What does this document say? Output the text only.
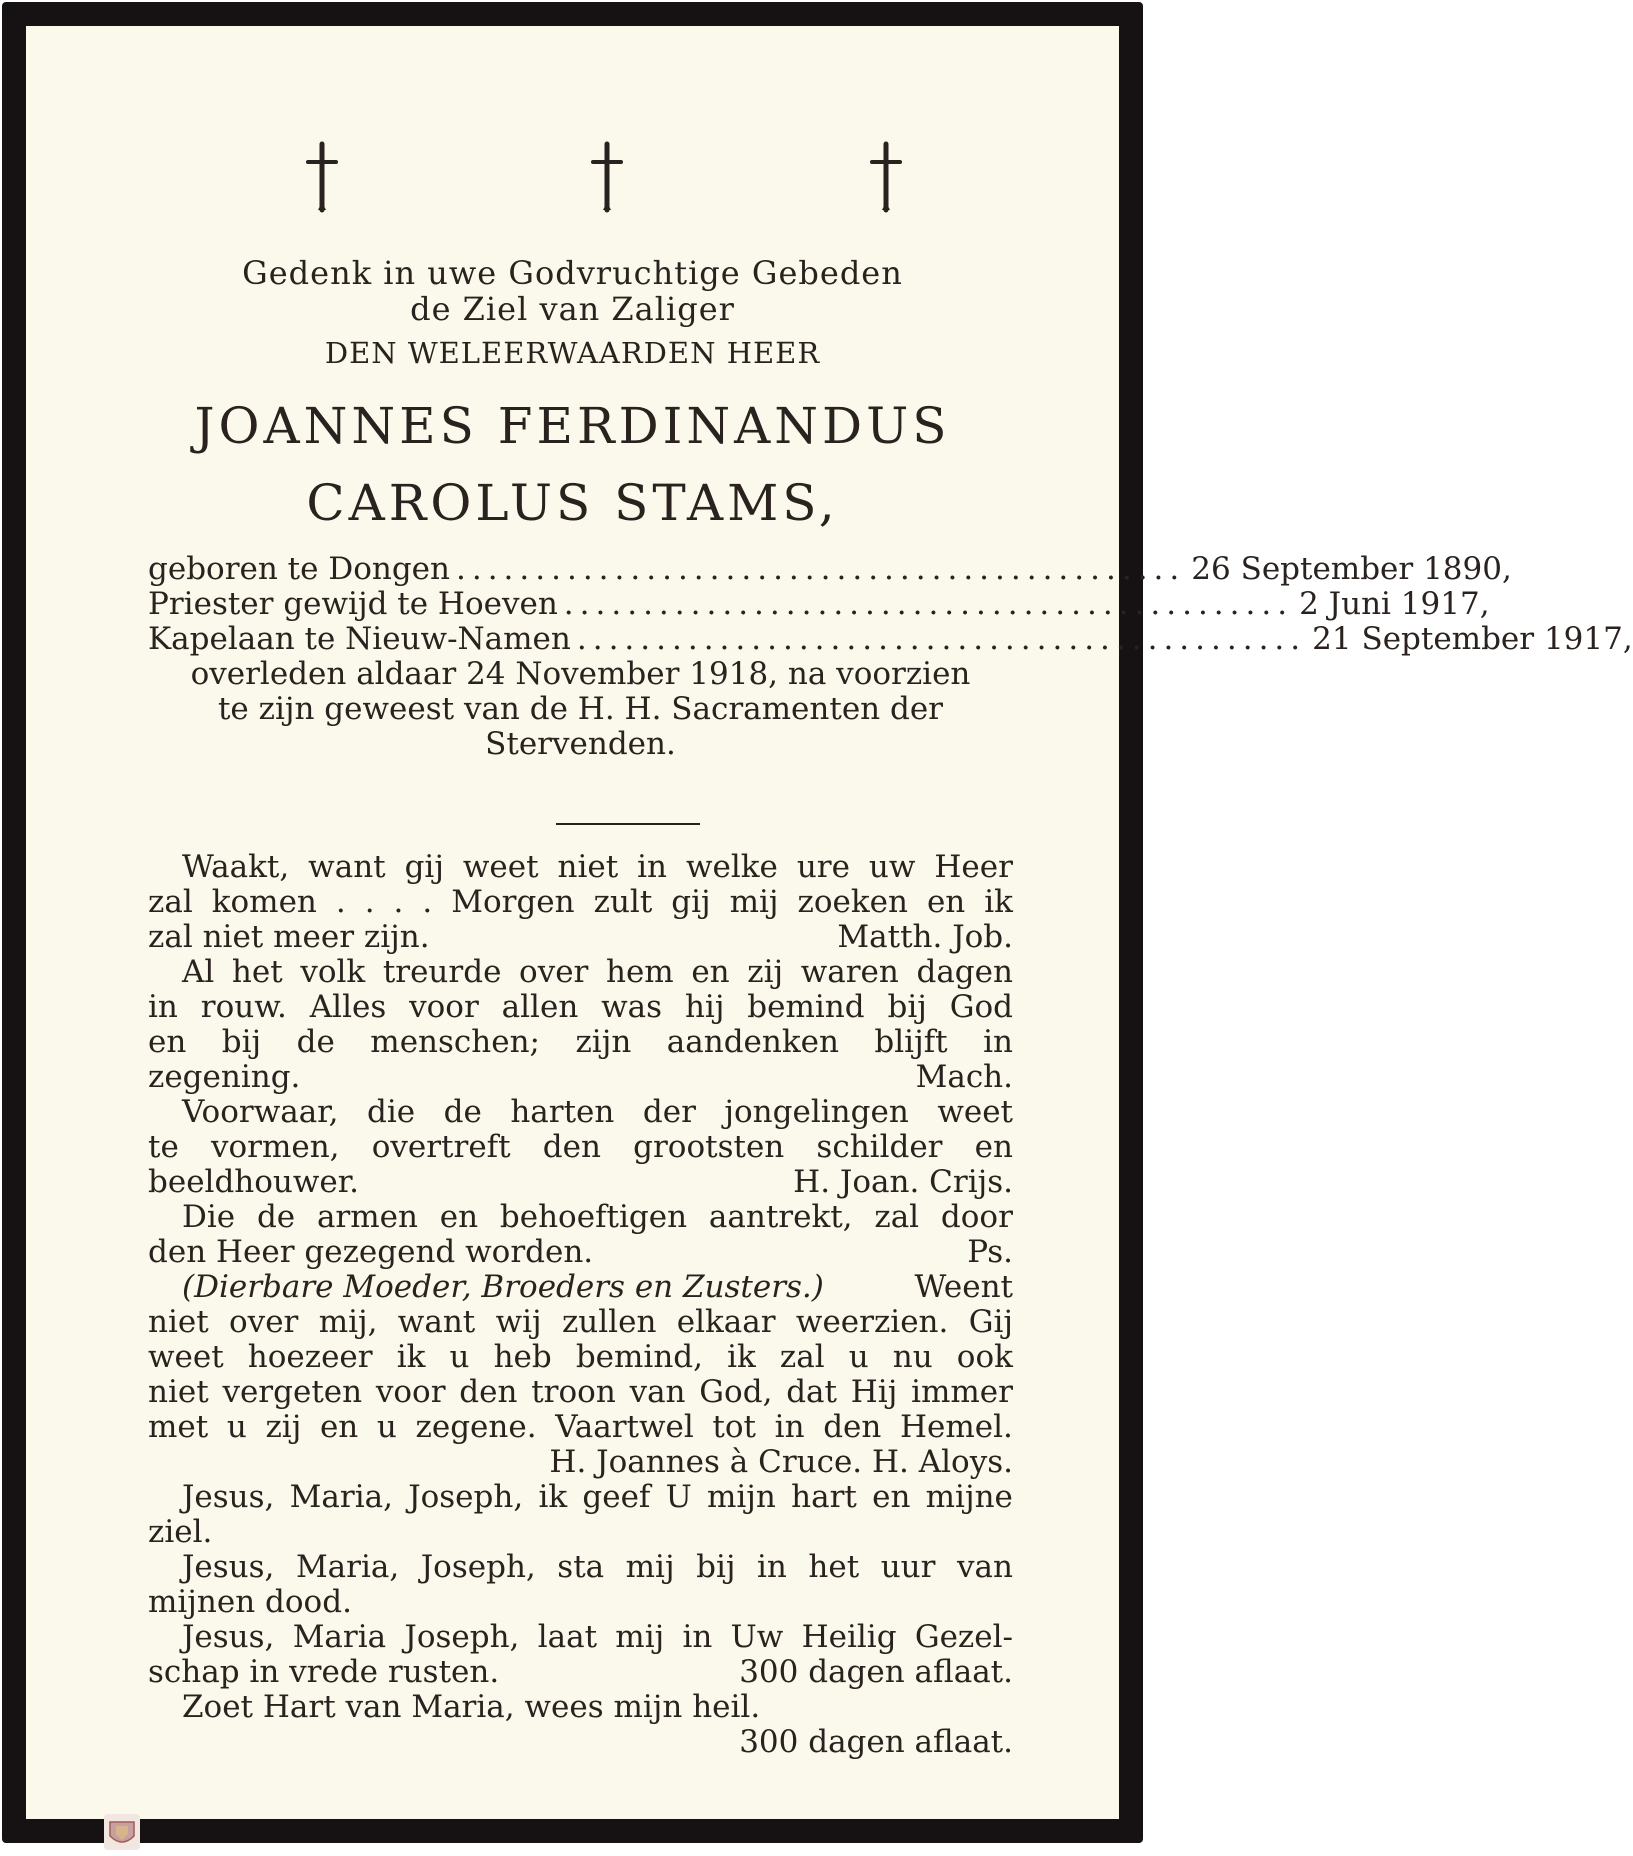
Gedenk in uwe Godvruchtige Gebeden
de Ziel van Zaliger
DEN WELEERWAARDEN HEER
JOANNES FERDINANDUS
CAROLUS STAMS,
geboren te Dongen .............................................. 26 September 1890,
Priester gewijd te Hoeven .............................................. 2 Juni 1917,
Kapelaan te Nieuw-Namen .............................................. 21 September 1917,
overleden aldaar 24 November 1918, na voorzien
te zijn geweest van de H. H. Sacramenten der
Stervenden.
Waakt, want gij weet niet in welke ure uw Heer
zal komen . . . . Morgen zult gij mij zoeken en ik
zal niet meer zijn.	Matth. Job.
Al het volk treurde over hem en zij waren dagen
in rouw. Alles voor allen was hij bemind bij God
en bij de menschen; zijn aandenken blijft in
zegening.	Mach.
Voorwaar, die de harten der jongelingen weet
te vormen, overtreft den grootsten schilder en
beeldhouwer.	H. Joan. Crijs.
Die de armen en behoeftigen aantrekt, zal door
den Heer gezegend worden.	Ps.
(Dierbare Moeder, Broeders en Zusters.)	Weent
niet over mij, want wij zullen elkaar weerzien. Gij
weet hoezeer ik u heb bemind, ik zal u nu ook
niet vergeten voor den troon van God, dat Hij immer
met u zij en u zegene. Vaartwel tot in den Hemel.
H. Joannes à Cruce. H. Aloys.
Jesus, Maria, Joseph, ik geef U mijn hart en mijne
ziel.
Jesus, Maria, Joseph, sta mij bij in het uur van
mijnen dood.
Jesus, Maria Joseph, laat mij in Uw Heilig Gezel-
schap in vrede rusten.	300 dagen aflaat.
Zoet Hart van Maria, wees mijn heil.
300 dagen aflaat.
